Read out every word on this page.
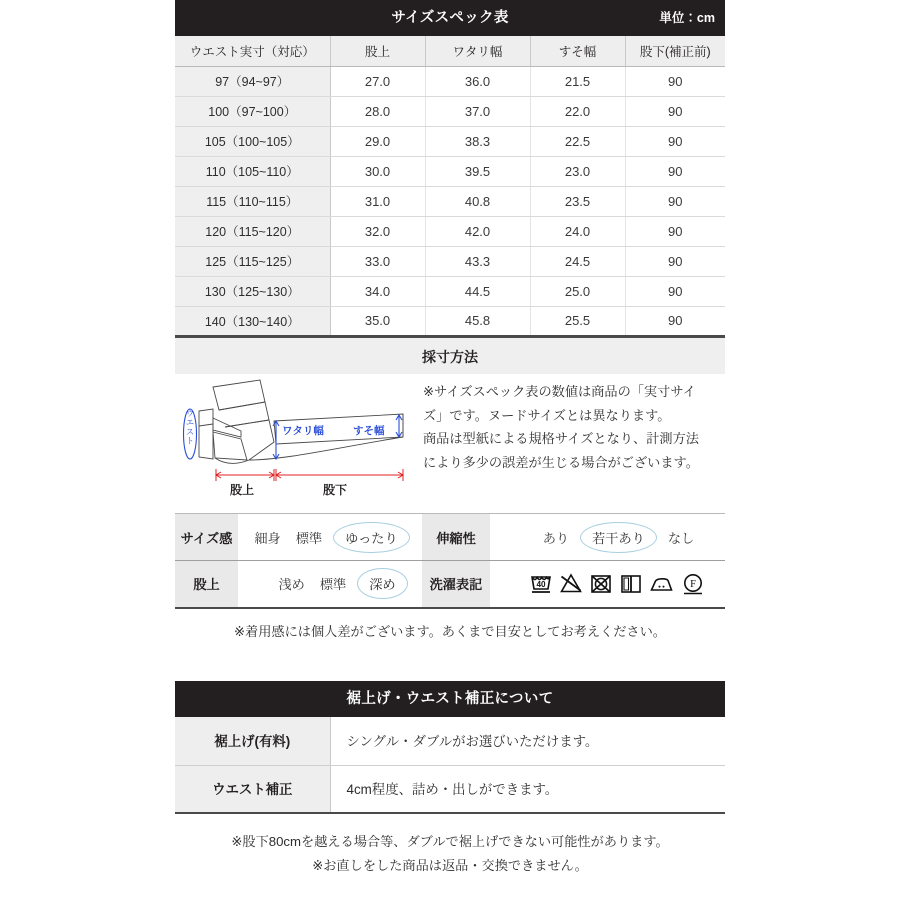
サイズスペック表	単位：cm
ウエスト実寸（対応）	股上	ワタリ幅	すそ幅	股下(補正前)
97（94~97）	27.0	36.0	21.5	90
100（97~100）	28.0	37.0	22.0	90
105（100~105）	29.0	38.3	22.5	90
110（105~110）	30.0	39.5	23.0	90
115（110~115）	31.0	40.8	23.5	90
120（115~120）	32.0	42.0	24.0	90
125（115~125）	33.0	43.3	24.5	90
130（125~130）	34.0	44.5	25.0	90
140（130~140）	35.0	45.8	25.5	90
採寸方法
ウエスト
ワタリ幅	すそ幅
股上	股下
※サイズスペック表の数値は商品の「実寸サイ
ズ」です。ヌードサイズとは異なります。
商品は型紙による規格サイズとなり、計測方法
により多少の誤差が生じる場合がございます。
サイズ感	細身 標準 ゆったり	伸縮性	あり 若干あり なし

股上	浅め 標準 深め	洗濯表記	40 F
※着用感には個人差がございます。あくまで目安としてお考えください。
裾上げ・ウエスト補正について
裾上げ(有料)	シングル・ダブルがお選びいただけます。
ウエスト補正	4cm程度、詰め・出しができます。
※股下80cmを越える場合等、ダブルで裾上げできない可能性があります。
※お直しをした商品は返品・交換できません。
